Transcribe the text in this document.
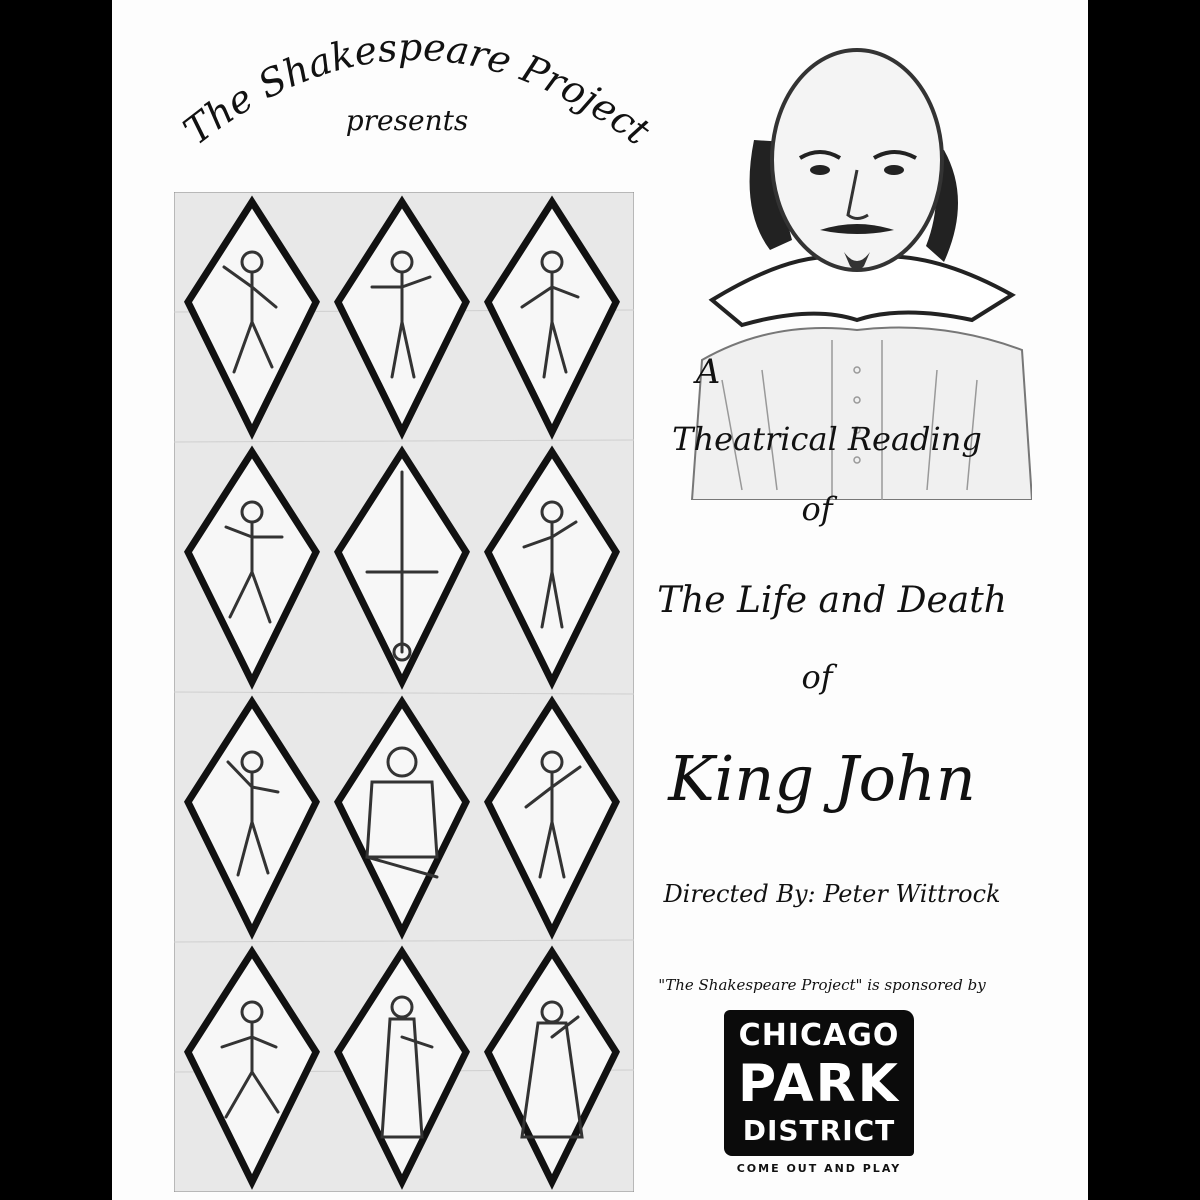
The Shakespeare Project
presents
A
Theatrical Reading
of
The Life and Death
of
King John
Directed By: Peter Wittrock
"The Shakespeare Project" is sponsored by
CHICAGO
PARK
DISTRICT
COME OUT AND PLAY
